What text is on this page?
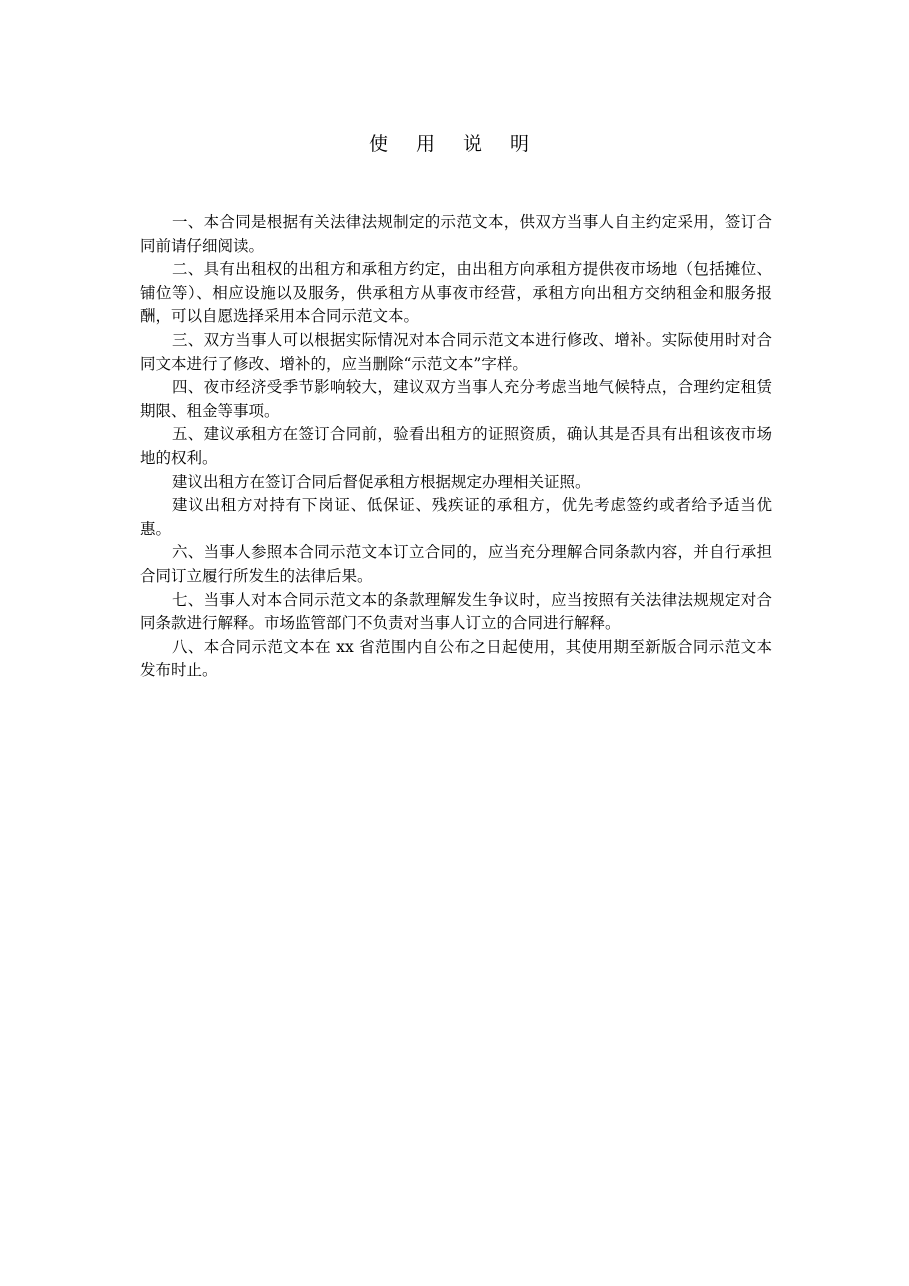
使 用 说 明

一、本合同是根据有关法律法规制定的示范文本，供双方当事人自主约定采用，签订合同前请仔细阅读。

二、具有出租权的出租方和承租方约定，由出租方向承租方提供夜市场地（包括摊位、铺位等）、相应设施以及服务，供承租方从事夜市经营，承租方向出租方交纳租金和服务报酬，可以自愿选择采用本合同示范文本。

三、双方当事人可以根据实际情况对本合同示范文本进行修改、增补。实际使用时对合同文本进行了修改、增补的，应当删除“示范文本”字样。

四、夜市经济受季节影响较大，建议双方当事人充分考虑当地气候特点，合理约定租赁期限、租金等事项。

五、建议承租方在签订合同前，验看出租方的证照资质，确认其是否具有出租该夜市场地的权利。

建议出租方在签订合同后督促承租方根据规定办理相关证照。

建议出租方对持有下岗证、低保证、残疾证的承租方，优先考虑签约或者给予适当优惠。

六、当事人参照本合同示范文本订立合同的，应当充分理解合同条款内容，并自行承担合同订立履行所发生的法律后果。

七、当事人对本合同示范文本的条款理解发生争议时，应当按照有关法律法规规定对合同条款进行解释。市场监管部门不负责对当事人订立的合同进行解释。

八、本合同示范文本在 xx 省范围内自公布之日起使用，其使用期至新版合同示范文本发布时止。
